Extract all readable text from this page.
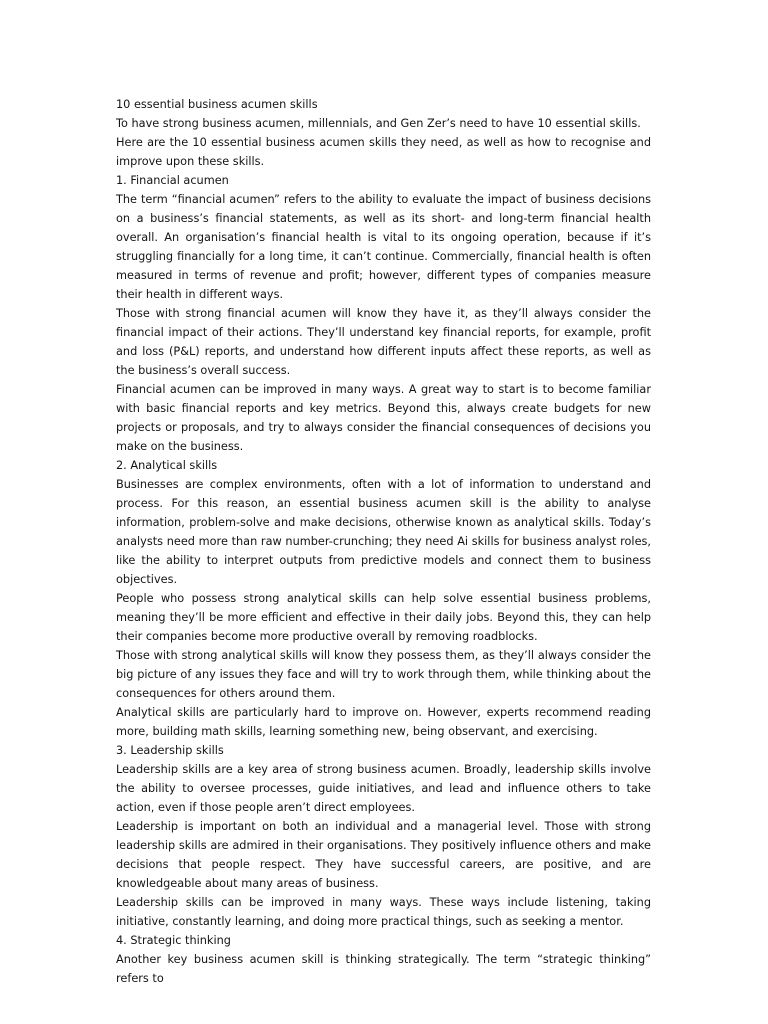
10 essential business acumen skills

To have strong business acumen, millennials, and Gen Zer’s need to have 10 essential skills.

Here are the 10 essential business acumen skills they need, as well as how to recognise and improve upon these skills.

1. Financial acumen

The term “financial acumen” refers to the ability to evaluate the impact of business decisions on a business’s financial statements, as well as its short- and long-term financial health overall. An organisation’s financial health is vital to its ongoing operation, because if it’s struggling financially for a long time, it can’t continue. Commercially, financial health is often measured in terms of revenue and profit; however, different types of companies measure their health in different ways.

Those with strong financial acumen will know they have it, as they’ll always consider the financial impact of their actions. They’ll understand key financial reports, for example, profit and loss (P&L) reports, and understand how different inputs affect these reports, as well as the business’s overall success.

Financial acumen can be improved in many ways. A great way to start is to become familiar with basic financial reports and key metrics. Beyond this, always create budgets for new projects or proposals, and try to always consider the financial consequences of decisions you make on the business.

2. Analytical skills

Businesses are complex environments, often with a lot of information to understand and process. For this reason, an essential business acumen skill is the ability to analyse information, problem-solve and make decisions, otherwise known as analytical skills. Today’s analysts need more than raw number-crunching; they need Ai skills for business analyst roles, like the ability to interpret outputs from predictive models and connect them to business objectives.

People who possess strong analytical skills can help solve essential business problems, meaning they’ll be more efficient and effective in their daily jobs. Beyond this, they can help their companies become more productive overall by removing roadblocks.

Those with strong analytical skills will know they possess them, as they’ll always consider the big picture of any issues they face and will try to work through them, while thinking about the consequences for others around them.

Analytical skills are particularly hard to improve on. However, experts recommend reading more, building math skills, learning something new, being observant, and exercising.

3. Leadership skills

Leadership skills are a key area of strong business acumen. Broadly, leadership skills involve the ability to oversee processes, guide initiatives, and lead and influence others to take action, even if those people aren’t direct employees.

Leadership is important on both an individual and a managerial level. Those with strong leadership skills are admired in their organisations. They positively influence others and make decisions that people respect. They have successful careers, are positive, and are knowledgeable about many areas of business.

Leadership skills can be improved in many ways. These ways include listening, taking initiative, constantly learning, and doing more practical things, such as seeking a mentor.

4. Strategic thinking

Another key business acumen skill is thinking strategically. The term “strategic thinking” refers to
